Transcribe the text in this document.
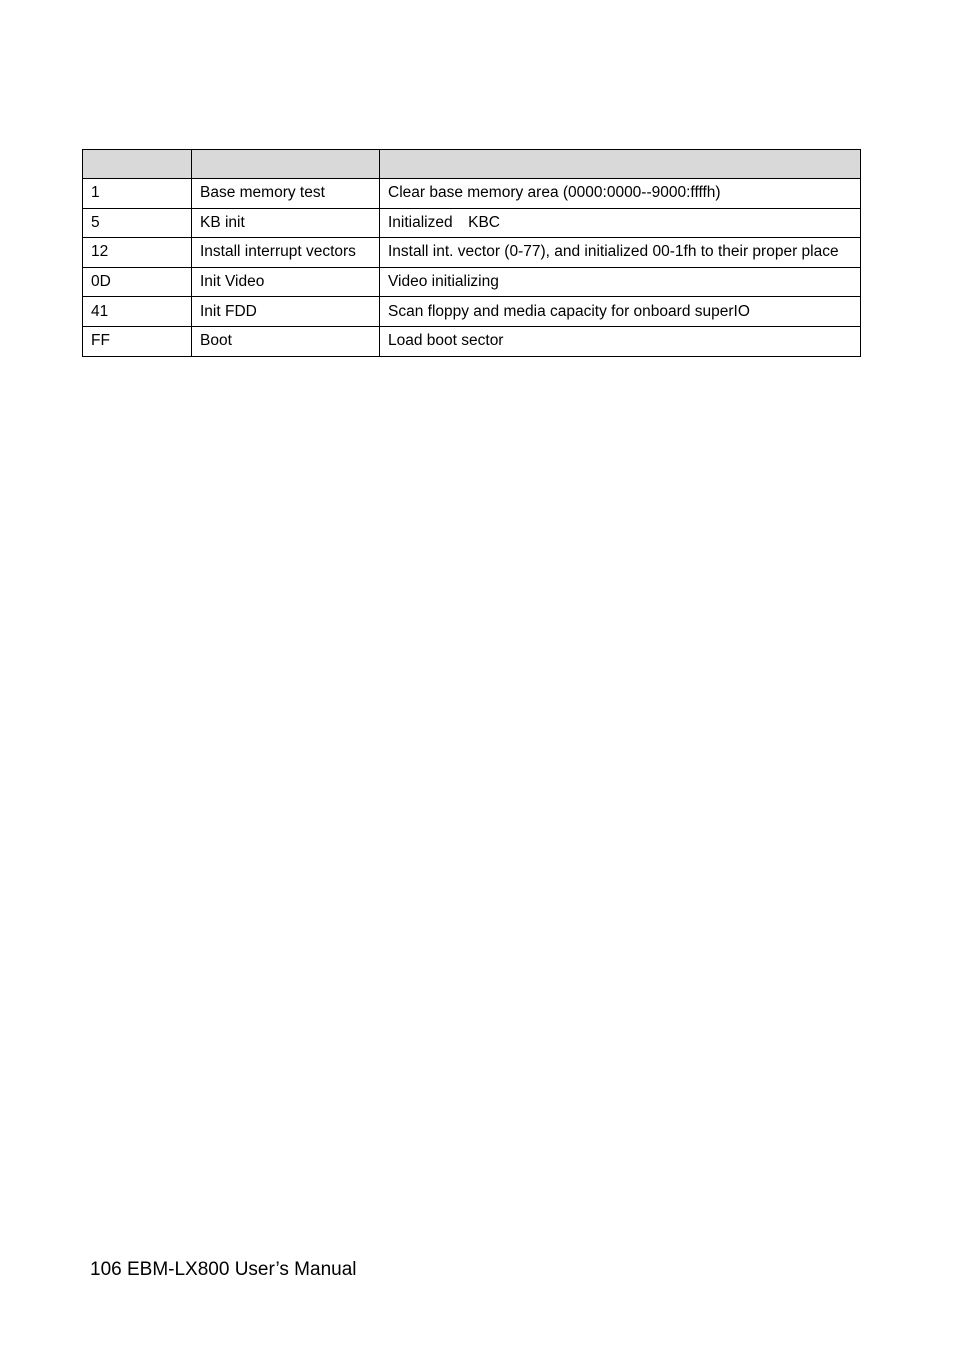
1	Base memory test	Clear base memory area (0000:0000--9000:ffffh)
5	KB init	Initialized　KBC
12	Install interrupt vectors	Install int. vector (0-77), and initialized 00-1fh to their proper place
0D	Init Video	Video initializing
41	Init FDD	Scan floppy and media capacity for onboard superIO
FF	Boot	Load boot sector
106 EBM-LX800 User’s Manual
